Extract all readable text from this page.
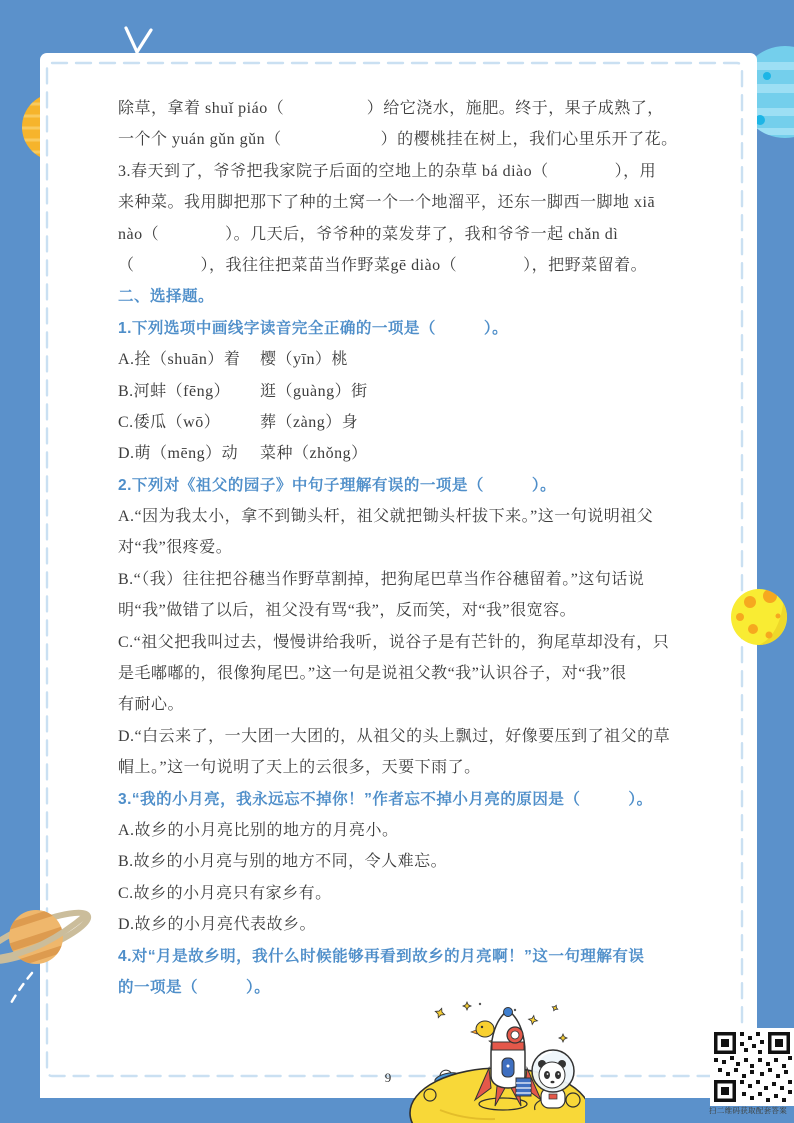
除草，拿着 shuǐ piáo（　　　　　）给它浇水，施肥。终于，果子成熟了，
一个个 yuán gǔn gǔn（　　　　　　）的樱桃挂在树上，我们心里乐开了花。
3.春天到了，爷爷把我家院子后面的空地上的杂草 bá diào（　　　　），用
来种菜。我用脚把那下了种的土窝一个一个地溜平，还东一脚西一脚地 xiā
nào（　　　　）。几天后，爷爷种的菜发芽了，我和爷爷一起 chǎn dì
（　　　　），我往往把菜苗当作野菜gē diào（　　　　），把野菜留着。
二、选择题。
1.下列选项中画线字读音完全正确的一项是（　　　）。
A.拴（shuān）着 樱（yīn）桃
B.河蚌（fēng） 逛（guàng）街
C.倭瓜（wō） 葬（zàng）身
D.萌（mēng）动 菜种（zhǒng）
2.下列对《祖父的园子》中句子理解有误的一项是（　　　）。
A.“因为我太小，拿不到锄头杆，祖父就把锄头杆拔下来。”这一句说明祖父
对“我”很疼爱。
B.“（我）往往把谷穗当作野草割掉，把狗尾巴草当作谷穗留着。”这句话说
明“我”做错了以后，祖父没有骂“我”，反而笑，对“我”很宽容。
C.“祖父把我叫过去，慢慢讲给我听，说谷子是有芒针的，狗尾草却没有，只
是毛嘟嘟的，很像狗尾巴。”这一句是说祖父教“我”认识谷子，对“我”很
有耐心。
D.“白云来了，一大团一大团的，从祖父的头上飘过，好像要压到了祖父的草
帽上。”这一句说明了天上的云很多，天要下雨了。
3.“我的小月亮，我永远忘不掉你！”作者忘不掉小月亮的原因是（　　　）。
A.故乡的小月亮比别的地方的月亮小。
B.故乡的小月亮与别的地方不同，令人难忘。
C.故乡的小月亮只有家乡有。
D.故乡的小月亮代表故乡。
4.对“月是故乡明，我什么时候能够再看到故乡的月亮啊！”这一句理解有误
的一项是（　　　）。
扫二维码获取配套答案
9
